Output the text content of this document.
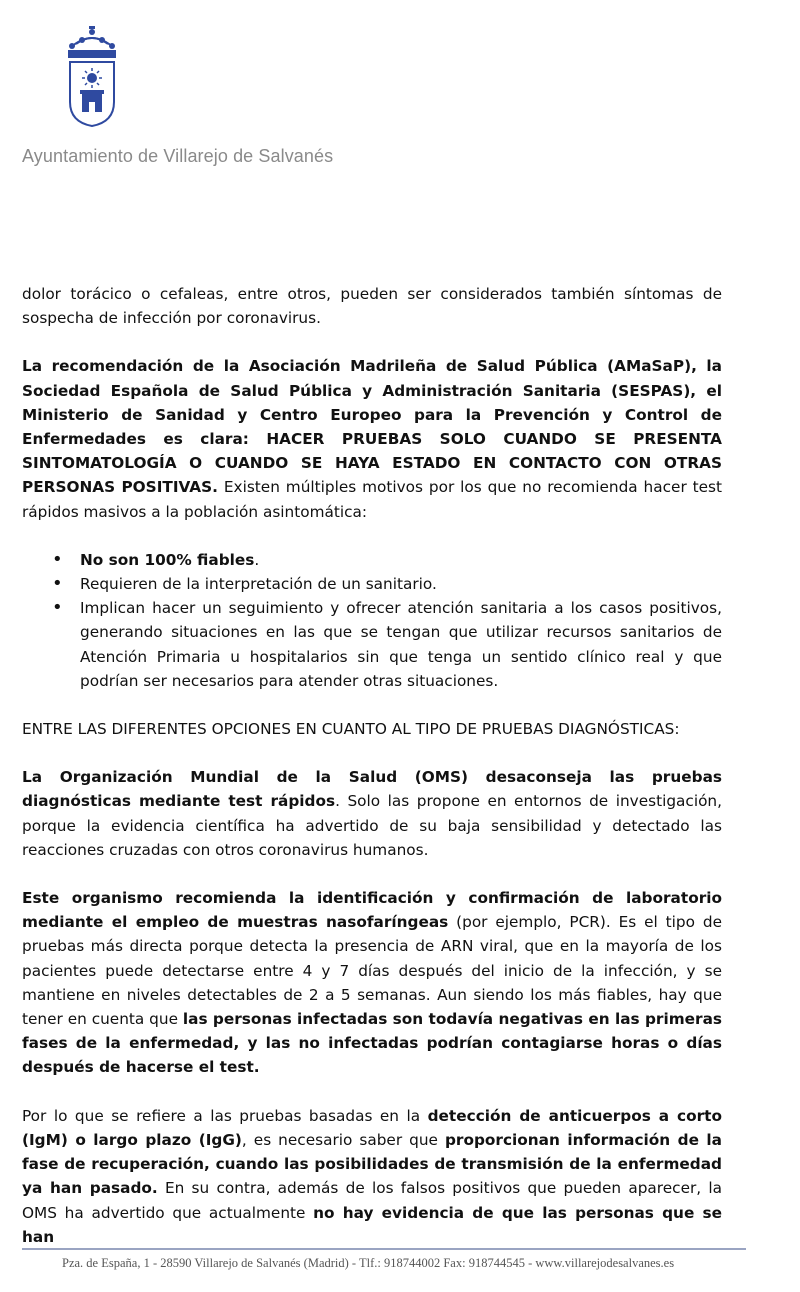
Ayuntamiento de Villarejo de Salvanés

dolor torácico o cefaleas, entre otros, pueden ser considerados también síntomas de sospecha de infección por coronavirus.

La recomendación de la Asociación Madrileña de Salud Pública (AMaSaP), la Sociedad Española de Salud Pública y Administración Sanitaria (SESPAS), el Ministerio de Sanidad y Centro Europeo para la Prevención y Control de Enfermedades es clara: HACER PRUEBAS SOLO CUANDO SE PRESENTA SINTOMATOLOGÍA O CUANDO SE HAYA ESTADO EN CONTACTO CON OTRAS PERSONAS POSITIVAS. Existen múltiples motivos por los que no recomienda hacer test rápidos masivos a la población asintomática:

• No son 100% fiables.
• Requieren de la interpretación de un sanitario.
• Implican hacer un seguimiento y ofrecer atención sanitaria a los casos positivos, generando situaciones en las que se tengan que utilizar recursos sanitarios de Atención Primaria u hospitalarios sin que tenga un sentido clínico real y que podrían ser necesarios para atender otras situaciones.

ENTRE LAS DIFERENTES OPCIONES EN CUANTO AL TIPO DE PRUEBAS DIAGNÓSTICAS:

La Organización Mundial de la Salud (OMS) desaconseja las pruebas diagnósticas mediante test rápidos. Solo las propone en entornos de investigación, porque la evidencia científica ha advertido de su baja sensibilidad y detectado las reacciones cruzadas con otros coronavirus humanos.

Este organismo recomienda la identificación y confirmación de laboratorio mediante el empleo de muestras nasofaríngeas (por ejemplo, PCR). Es el tipo de pruebas más directa porque detecta la presencia de ARN viral, que en la mayoría de los pacientes puede detectarse entre 4 y 7 días después del inicio de la infección, y se mantiene en niveles detectables de 2 a 5 semanas. Aun siendo los más fiables, hay que tener en cuenta que las personas infectadas son todavía negativas en las primeras fases de la enfermedad, y las no infectadas podrían contagiarse horas o días después de hacerse el test.

Por lo que se refiere a las pruebas basadas en la detección de anticuerpos a corto (IgM) o largo plazo (IgG), es necesario saber que proporcionan información de la fase de recuperación, cuando las posibilidades de transmisión de la enfermedad ya han pasado. En su contra, además de los falsos positivos que pueden aparecer, la OMS ha advertido que actualmente no hay evidencia de que las personas que se han

Pza. de España, 1 - 28590 Villarejo de Salvanés (Madrid) - Tlf.: 918744002 Fax: 918744545 - www.villarejodesalvanes.es
